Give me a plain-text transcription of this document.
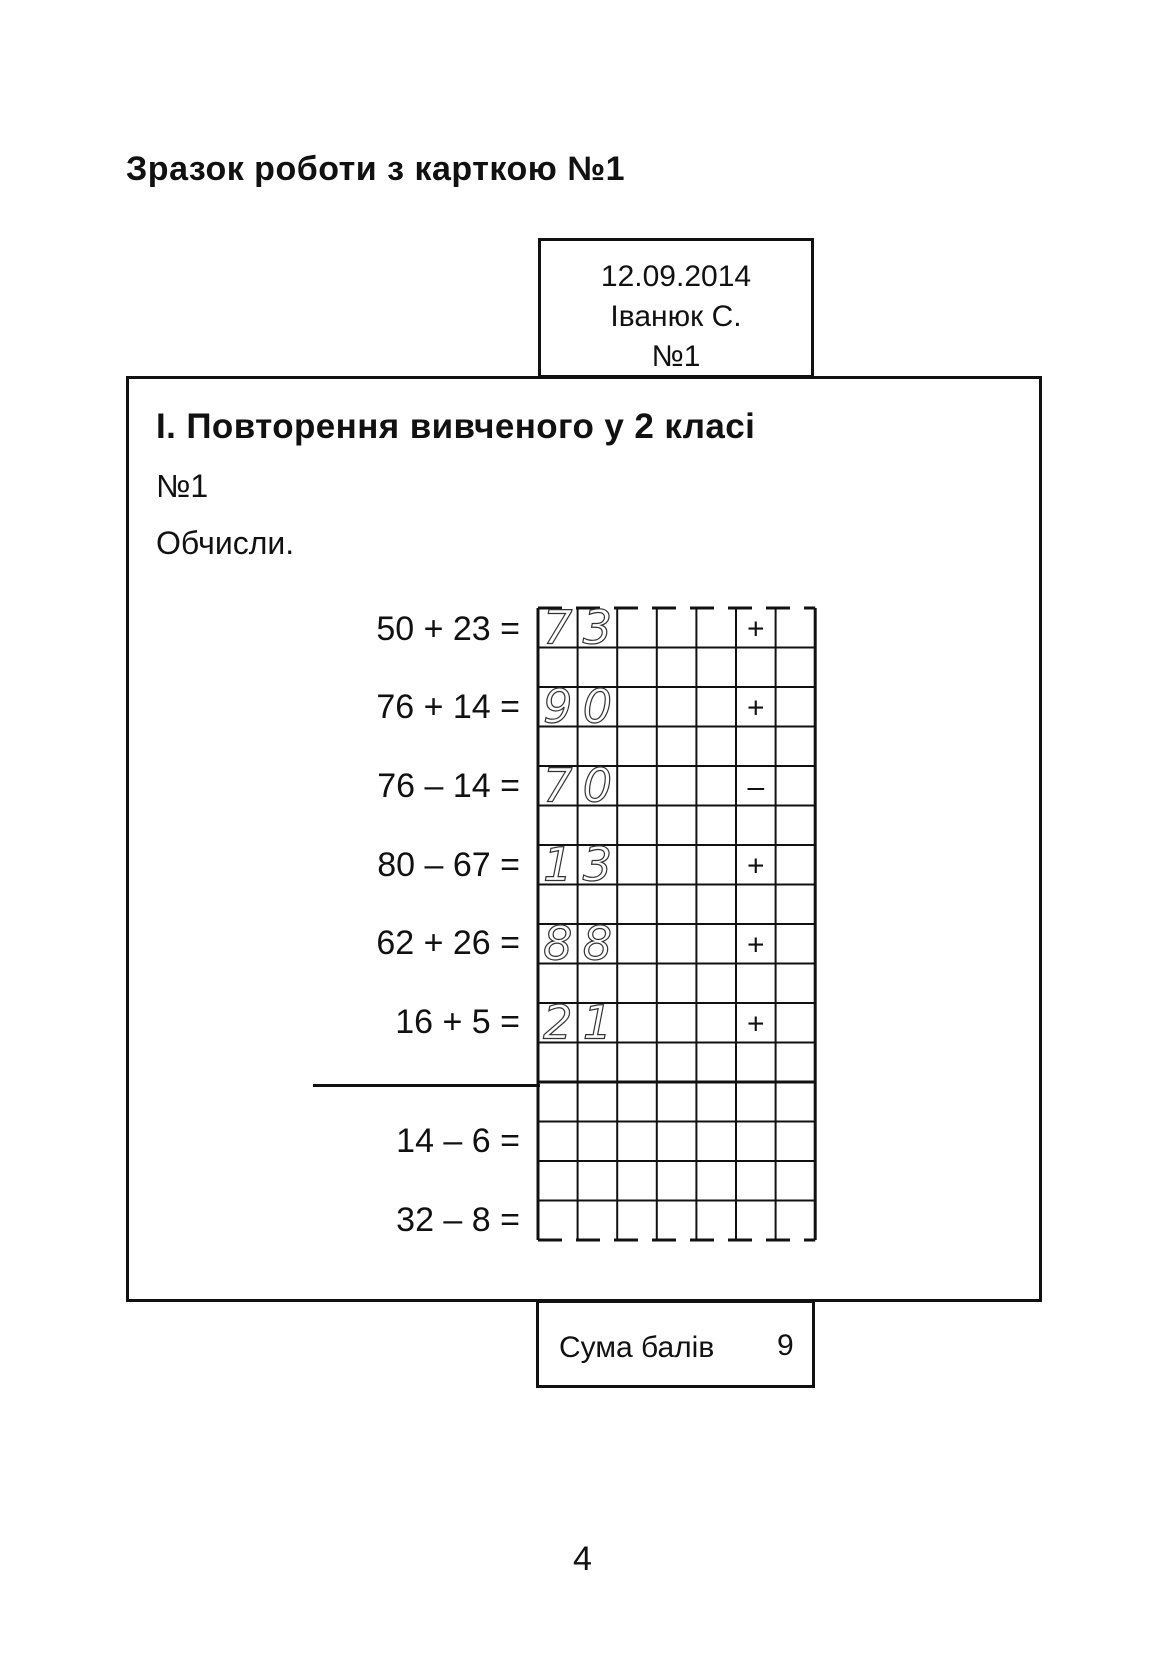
Зразок роботи з карткою №1
12.09.2014
Іванюк С.
№1
І. Повторення вивченого у 2 класі
№1
Обчисли.
50 + 23 =
76 + 14 =
76 – 14 =
80 – 67 =
62 + 26 =
16 + 5 =
14 – 6 =
32 – 8 =
7 3
9 0
7 0
1 3
8 8
2 1
+
+
–
+
+
+
Сума балів 9
4
